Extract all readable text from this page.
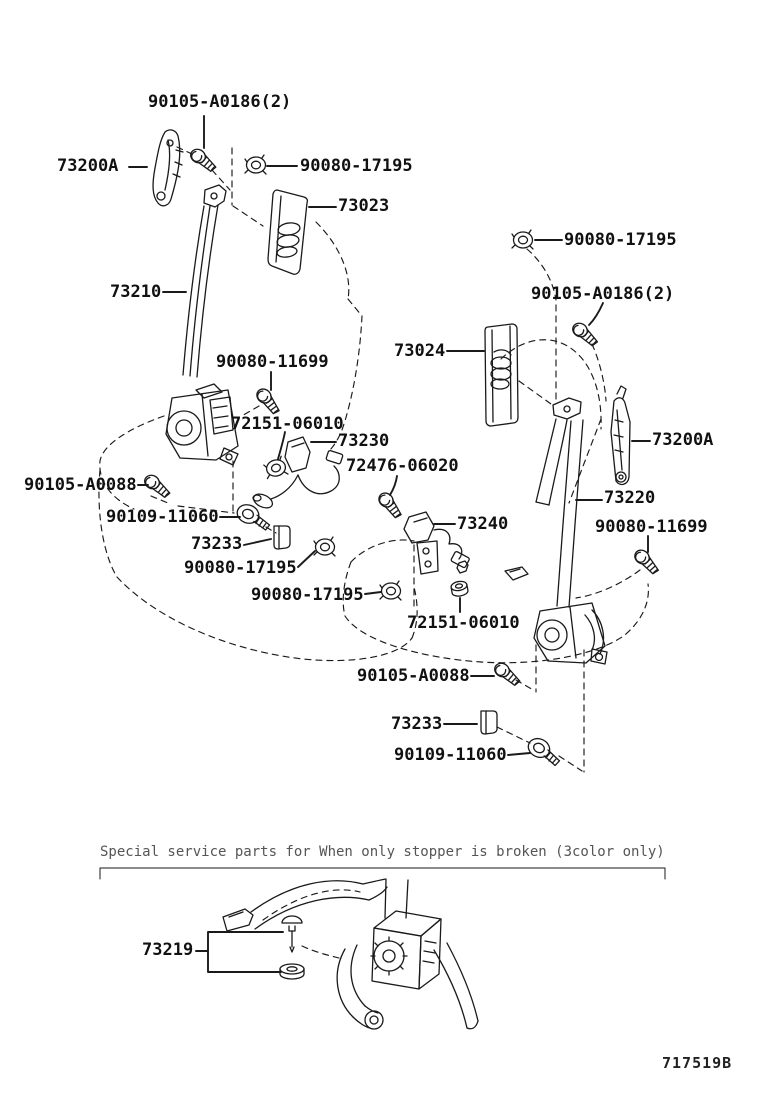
90105-A0186(2)
73200A	90080-17195
73023
73210
90080-17195
90105-A0186(2)
73024
73200A
90080-11699
72151-06010
73230
72476-06020
90105-A0088
90109-11060
73233
90080-17195
90080-17195
73220
90080-11699
73240
72151-06010
90105-A0088
73233
90109-11060
73219
Special service parts for When only stopper is broken (3color only)
717519B
